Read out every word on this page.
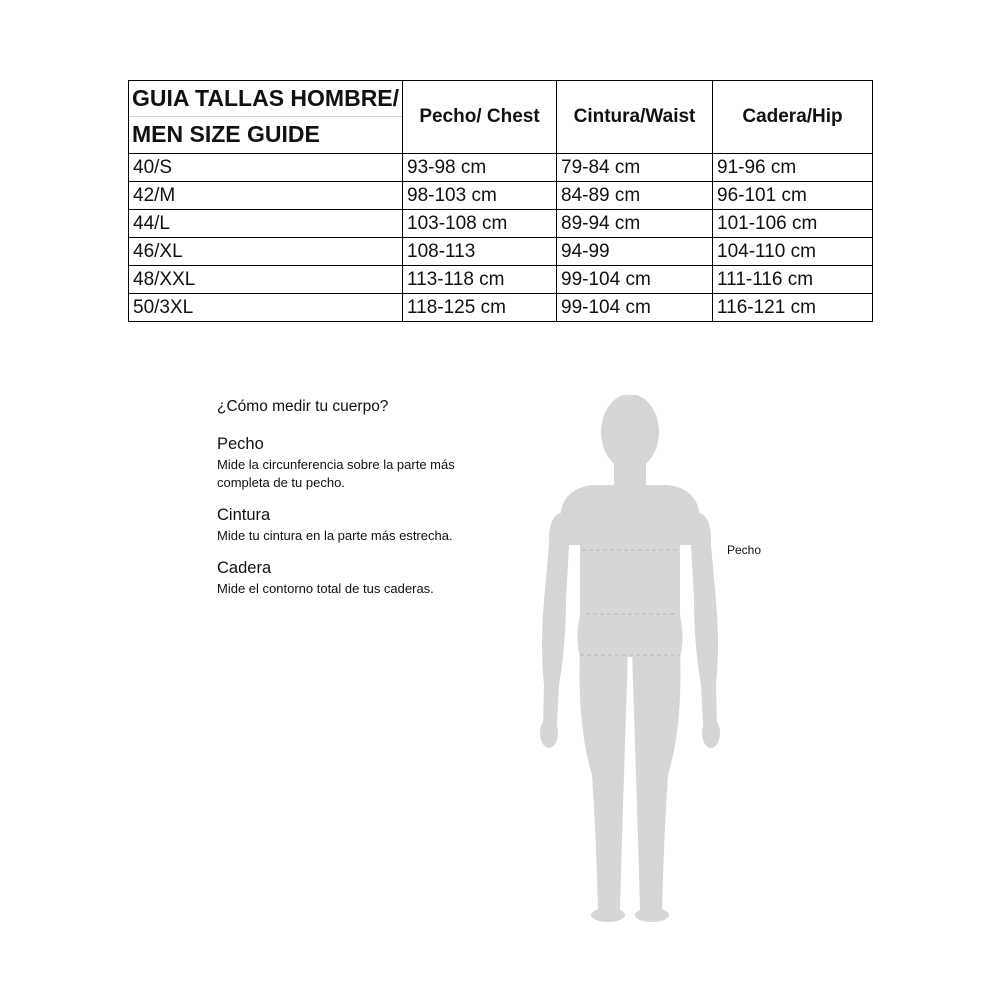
GUIA TALLAS HOMBRE/
MEN SIZE GUIDE	Pecho/ Chest	Cintura/Waist	Cadera/Hip
40/S	93-98 cm	79-84 cm	91-96 cm
42/M	98-103 cm	84-89 cm	96-101 cm
44/L	103-108 cm	89-94 cm	101-106 cm
46/XL	108-113	94-99	104-110 cm
48/XXL	113-118 cm	99-104 cm	111-116 cm
50/3XL	118-125 cm	99-104 cm	116-121 cm

¿Cómo medir tu cuerpo?

Pecho

Mide la circunferencia sobre la parte más completa de tu pecho.

Cintura

Mide tu cintura en la parte más estrecha.

Cadera

Mide el contorno total de tus caderas.

Pecho
